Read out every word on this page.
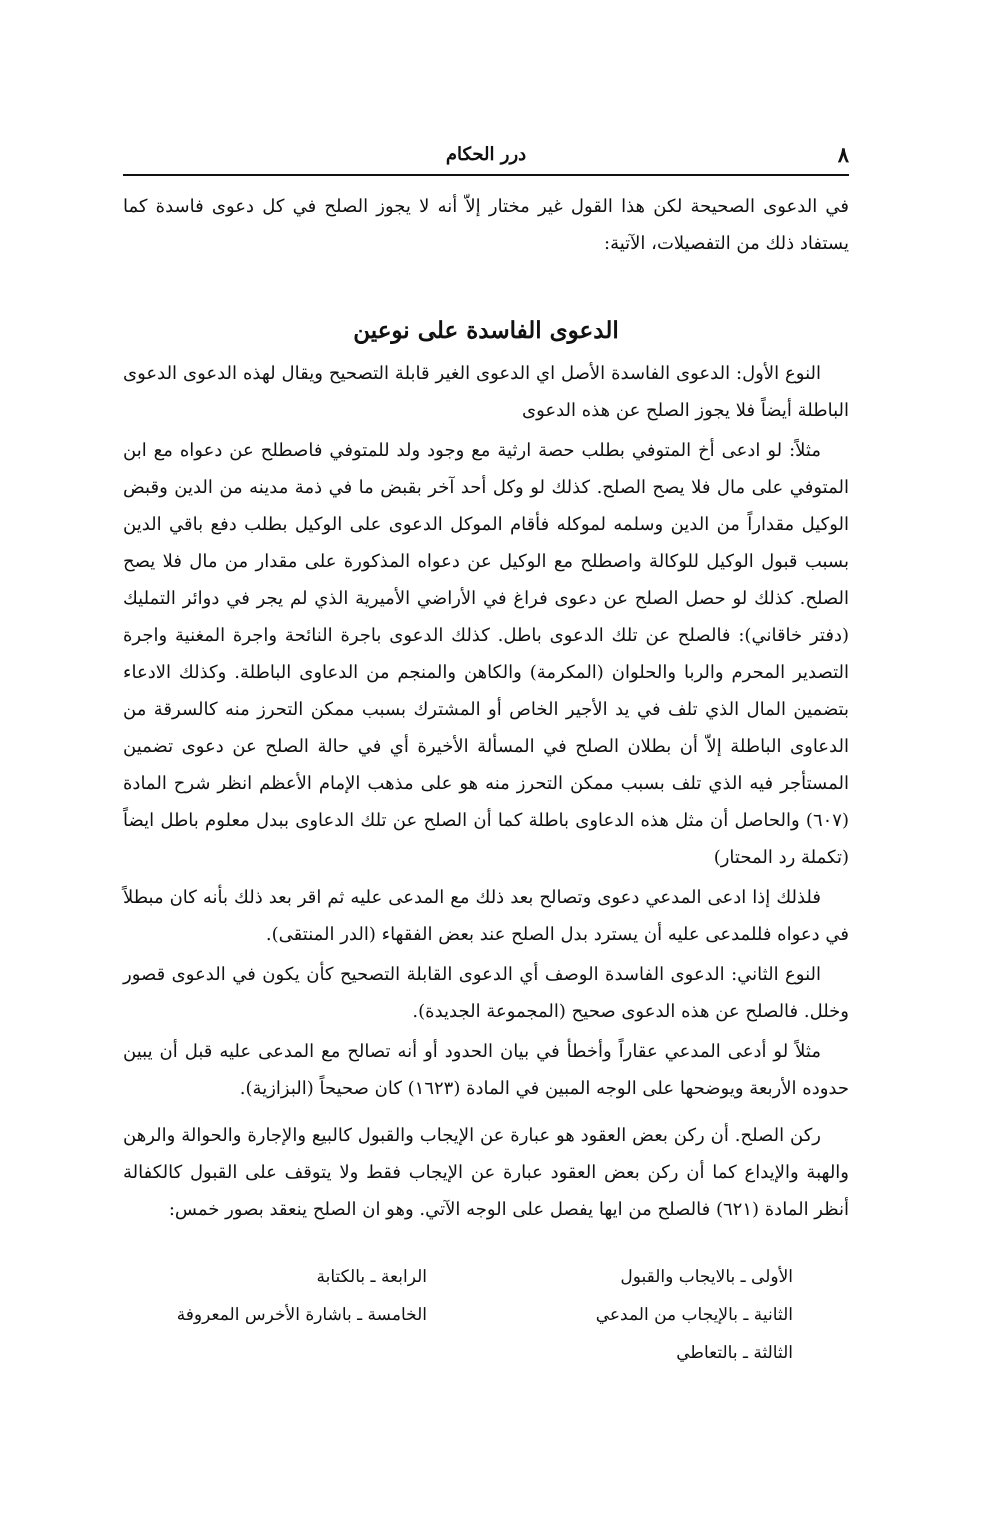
٨
درر الحكام

في الدعوى الصحيحة لكن هذا القول غير مختار إلاّ أنه لا يجوز الصلح في كل دعوى فاسدة كما يستفاد ذلك من التفصيلات، الآتية:

الدعوى الفاسدة على نوعين

النوع الأول: الدعوى الفاسدة الأصل اي الدعوى الغير قابلة التصحيح ويقال لهذه الدعوى الدعوى الباطلة أيضاً فلا يجوز الصلح عن هذه الدعوى

مثلاً: لو ادعى أخ المتوفي بطلب حصة ارثية مع وجود ولد للمتوفي فاصطلح عن دعواه مع ابن المتوفي على مال فلا يصح الصلح. كذلك لو وكل أحد آخر بقبض ما في ذمة مدينه من الدين وقبض الوكيل مقداراً من الدين وسلمه لموكله فأقام الموكل الدعوى على الوكيل بطلب دفع باقي الدين بسبب قبول الوكيل للوكالة واصطلح مع الوكيل عن دعواه المذكورة على مقدار من مال فلا يصح الصلح. كذلك لو حصل الصلح عن دعوى فراغ في الأراضي الأميرية الذي لم يجر في دوائر التمليك (دفتر خاقاني): فالصلح عن تلك الدعوى باطل. كذلك الدعوى باجرة النائحة واجرة المغنية واجرة التصدير المحرم والربا والحلوان (المكرمة) والكاهن والمنجم من الدعاوى الباطلة. وكذلك الادعاء بتضمين المال الذي تلف في يد الأجير الخاص أو المشترك بسبب ممكن التحرز منه كالسرقة من الدعاوى الباطلة إلاّ أن بطلان الصلح في المسألة الأخيرة أي في حالة الصلح عن دعوى تضمين المستأجر فيه الذي تلف بسبب ممكن التحرز منه هو على مذهب الإمام الأعظم انظر شرح المادة (٦٠٧) والحاصل أن مثل هذه الدعاوى باطلة كما أن الصلح عن تلك الدعاوى ببدل معلوم باطل ايضاً (تكملة رد المحتار)

فلذلك إذا ادعى المدعي دعوى وتصالح بعد ذلك مع المدعى عليه ثم اقر بعد ذلك بأنه كان مبطلاً في دعواه فللمدعى عليه أن يسترد بدل الصلح عند بعض الفقهاء (الدر المنتقى).

النوع الثاني: الدعوى الفاسدة الوصف أي الدعوى القابلة التصحيح كأن يكون في الدعوى قصور وخلل. فالصلح عن هذه الدعوى صحيح (المجموعة الجديدة).

مثلاً لو أدعى المدعي عقاراً وأخطأ في بيان الحدود أو أنه تصالح مع المدعى عليه قبل أن يبين حدوده الأربعة ويوضحها على الوجه المبين في المادة (١٦٢٣) كان صحيحاً (البزازية).

ركن الصلح. أن ركن بعض العقود هو عبارة عن الإيجاب والقبول كالبيع والإجارة والحوالة والرهن والهبة والإيداع كما أن ركن بعض العقود عبارة عن الإيجاب فقط ولا يتوقف على القبول كالكفالة أنظر المادة (٦٢١) فالصلح من ايها يفصل على الوجه الآتي. وهو ان الصلح ينعقد بصور خمس:

الأولى ـ بالايجاب والقبول
الثانية ـ بالإيجاب من المدعي
الثالثة ـ بالتعاطي
الرابعة ـ بالكتابة
الخامسة ـ باشارة الأخرس المعروفة
